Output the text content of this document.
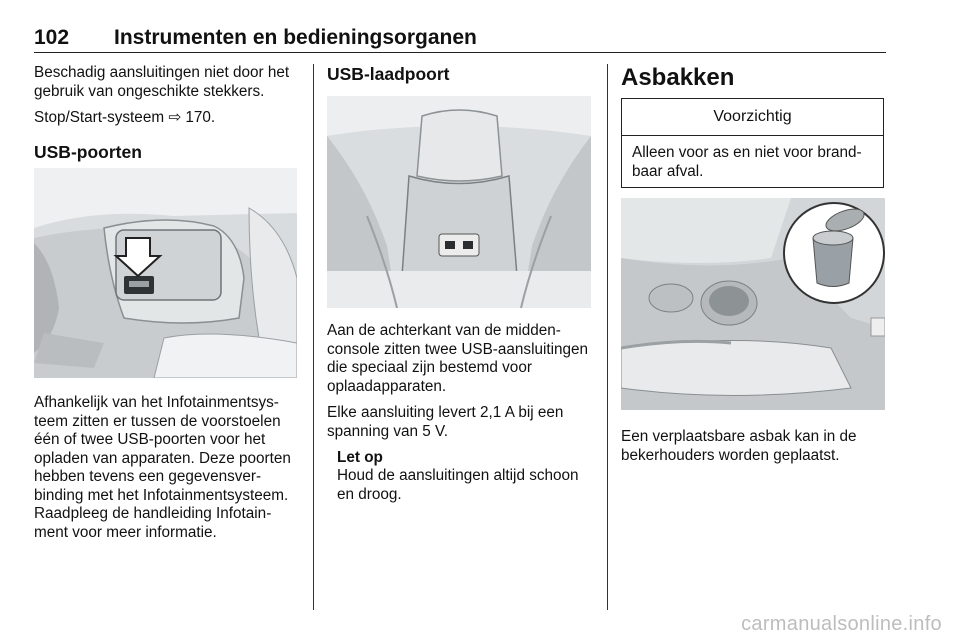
102 Instrumenten en bedieningsorganen

Beschadig aansluitingen niet door het gebruik van ongeschikte stekkers.

Stop/Start-systeem ⇨ 170.

USB-poorten

Afhankelijk van het Infotainmentsysteem zitten er tussen de voorstoelen één of twee USB-poorten voor het opladen van apparaten. Deze poorten hebben tevens een gegevensverbinding met het Infotainmentsysteem. Raadpleeg de handleiding Infotainment voor meer informatie.

USB-laadpoort

Aan de achterkant van de middenconsole zitten twee USB-aansluitingen die speciaal zijn bestemd voor oplaadapparaten.

Elke aansluiting levert 2,1 A bij een spanning van 5 V.

Let op

Houd de aansluitingen altijd schoon en droog.

Asbakken
Voorzichtig
Alleen voor as en niet voor brandbaar afval.

Een verplaatsbare asbak kan in de bekerhouders worden geplaatst.

carmanualsonline.info
